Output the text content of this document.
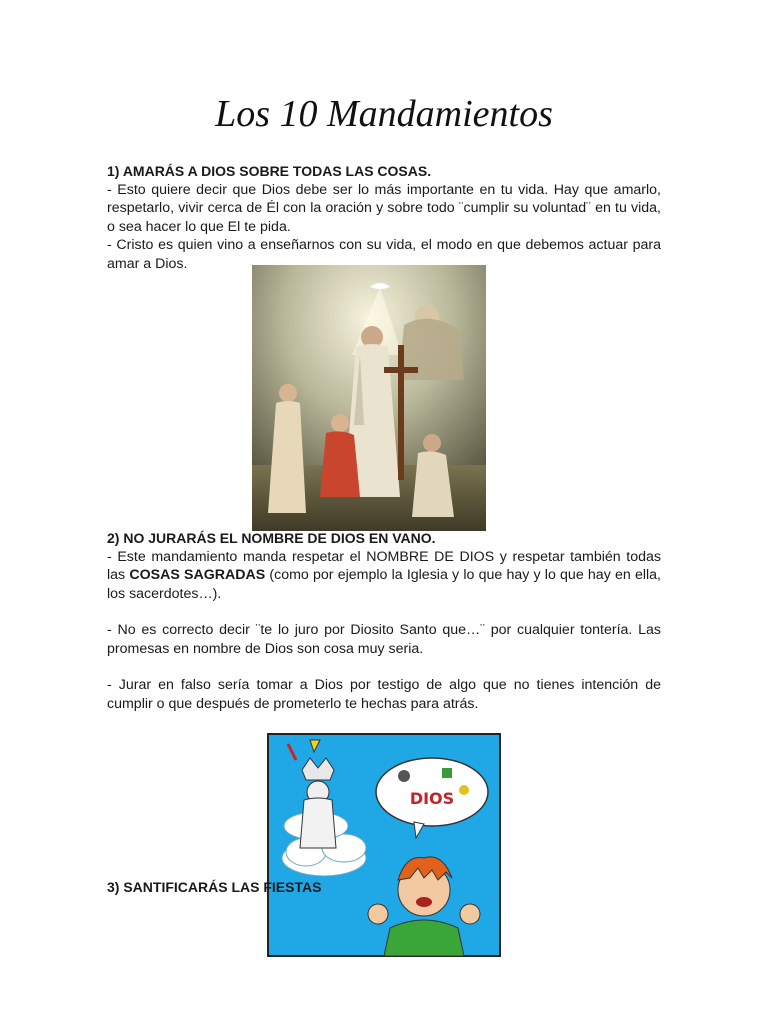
Los 10 Mandamientos
1) AMARÁS A DIOS SOBRE TODAS LAS COSAS.
- Esto quiere decir que Dios debe ser lo más importante en tu vida. Hay que amarlo, respetarlo, vivir cerca de Él con la oración y sobre todo ¨cumplir su voluntad¨ en tu vida, o sea hacer lo que El te pida.
- Cristo es quien vino a enseñarnos con su vida, el modo en que debemos actuar para amar a Dios.
2) NO JURARÁS EL NOMBRE DE DIOS EN VANO.
- Este mandamiento manda respetar el NOMBRE DE DIOS y respetar también todas las COSAS SAGRADAS (como por ejemplo la Iglesia y lo que hay y lo que hay en ella, los sacerdotes…).
- No es correcto decir ¨te lo juro por Diosito Santo que…¨ por cualquier tontería. Las promesas en nombre de Dios son cosa muy seria.
- Jurar en falso sería tomar a Dios por testigo de algo que no tienes intención de cumplir o que después de prometerlo te hechas para atrás.
DIOS
3) SANTIFICARÁS LAS FIESTAS
